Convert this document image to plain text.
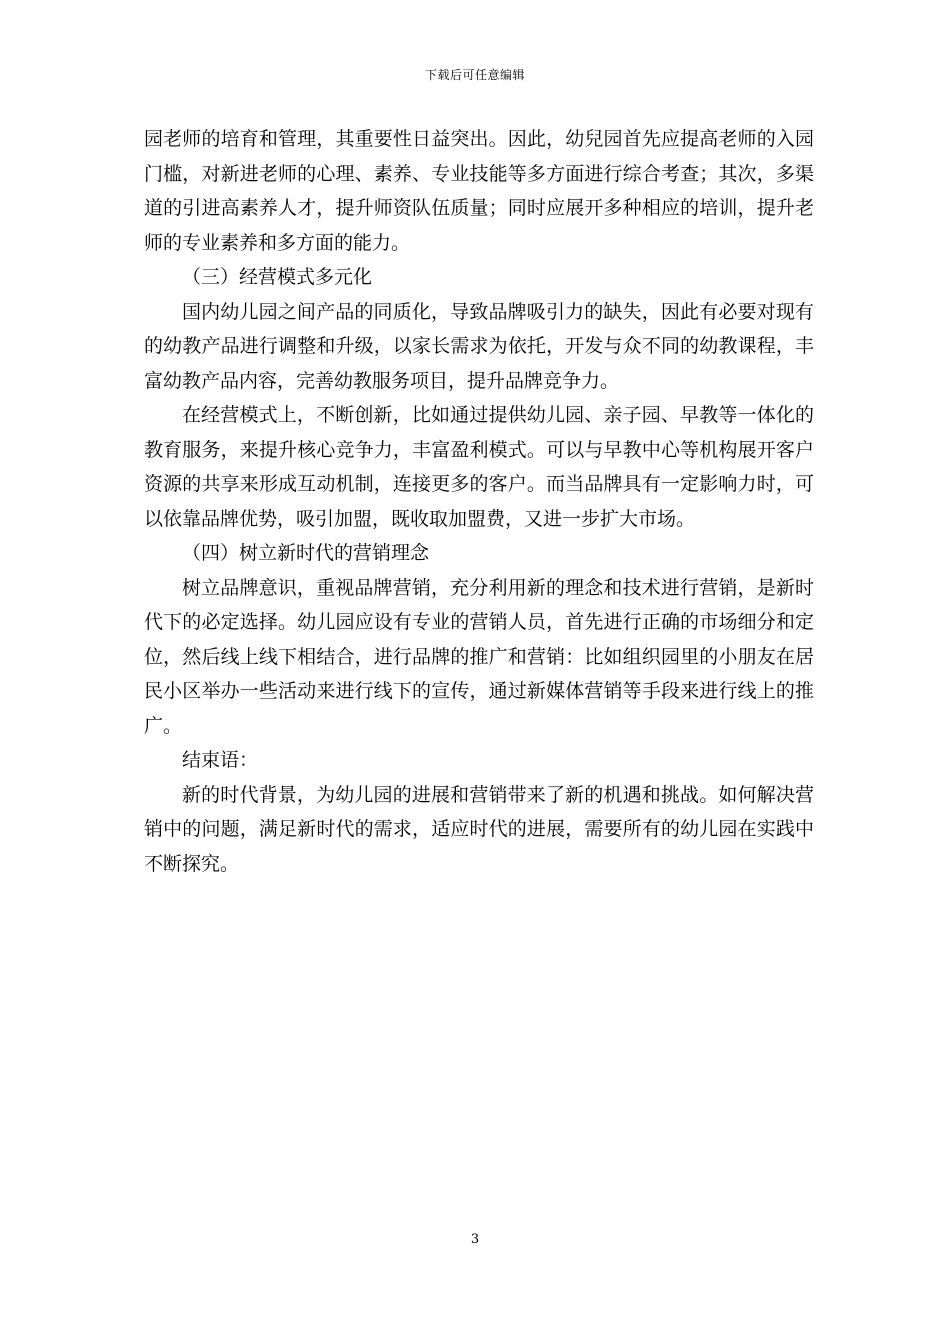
下载后可任意编辑

园老师的培育和管理，其重要性日益突出。因此，幼兒园首先应提高老师的入园门槛，对新进老师的心理、素养、专业技能等多方面进行综合考查；其次，多渠道的引进高素养人才，提升师资队伍质量；同时应展开多种相应的培训，提升老师的专业素养和多方面的能力。

（三）经营模式多元化

国内幼儿园之间产品的同质化，导致品牌吸引力的缺失，因此有必要对现有的幼教产品进行调整和升级，以家长需求为依托，开发与众不同的幼教课程，丰富幼教产品内容，完善幼教服务项目，提升品牌竞争力。

在经营模式上，不断创新，比如通过提供幼儿园、亲子园、早教等一体化的教育服务，来提升核心竞争力，丰富盈利模式。可以与早教中心等机构展开客户资源的共享来形成互动机制，连接更多的客户。而当品牌具有一定影响力时，可以依靠品牌优势，吸引加盟，既收取加盟费，又进一步扩大市场。

（四）树立新时代的营销理念

树立品牌意识，重视品牌营销，充分利用新的理念和技术进行营销，是新时代下的必定选择。幼儿园应设有专业的营销人员，首先进行正确的市场细分和定位，然后线上线下相结合，进行品牌的推广和营销：比如组织园里的小朋友在居民小区举办一些活动来进行线下的宣传，通过新媒体营销等手段来进行线上的推广。

结束语：

新的时代背景，为幼儿园的进展和营销带来了新的机遇和挑战。如何解决营销中的问题，满足新时代的需求，适应时代的进展，需要所有的幼儿园在实践中不断探究。

3
